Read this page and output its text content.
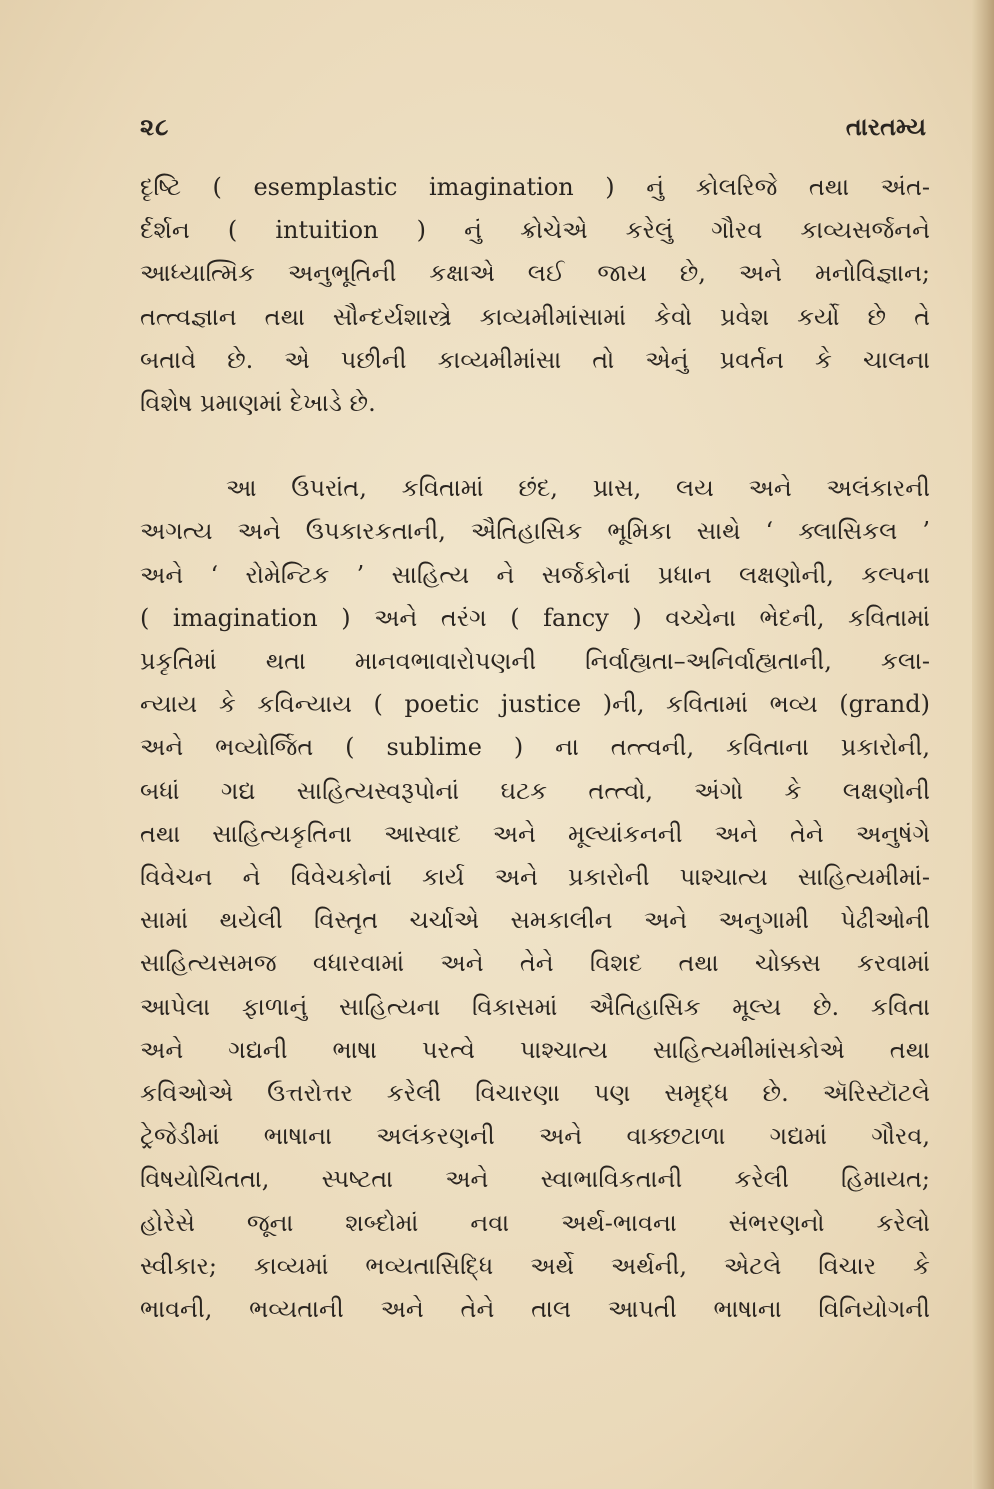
૨૮	તારતમ્ય
દૃષ્ટિ ( esemplastic imagination ) નું કોલરિજે તથા અંત-
ર્દર્શન ( intuition ) નું ક્રોચેએ કરેલું ગૌરવ કાવ્યસર્જનને
આધ્યાત્મિક અનુભૂતિની કક્ષાએ લઈ જાય છે, અને મનોવિજ્ઞાન;
તત્ત્વજ્ઞાન તથા સૌન્દર્યશાસ્ત્રે કાવ્યમીમાંસામાં કેવો પ્રવેશ કર્યો છે તે
બતાવે છે. એ પછીની કાવ્યમીમાંસા તો એનું પ્રવર્તન કે ચાલના
વિશેષ પ્રમાણમાં દેખાડે છે.
આ ઉપરાંત, કવિતામાં છંદ, પ્રાસ, લય અને અલંકારની
અગત્ય અને ઉપકારકતાની, ઐતિહાસિક ભૂમિકા સાથે ‘ ક્લાસિકલ ’
અને ‘ રોમેન્ટિક ’ સાહિત્ય ને સર્જકોનાં પ્રધાન લક્ષણોની, કલ્પના
( imagination ) અને તરંગ ( fancy ) વચ્ચેના ભેદની, કવિતામાં
પ્રકૃતિમાં થતા માનવભાવારોપણની નિર્વાહ્યતા–અનિર્વાહ્યતાની, કલા-
ન્યાય કે કવિન્યાય ( poetic justice )ની, કવિતામાં ભવ્ય (grand)
અને ભવ્યોર્જિત ( sublime ) ના તત્ત્વની, કવિતાના પ્રકારોની,
બધાં ગદ્ય સાહિત્યસ્વરૂપોનાં ઘટક તત્ત્વો, અંગો કે લક્ષણોની
તથા સાહિત્યકૃતિના આસ્વાદ અને મૂલ્યાંકનની અને તેને અનુષંગે
વિવેચન ને વિવેચકોનાં કાર્ય અને પ્રકારોની પાશ્ચાત્ય સાહિત્યમીમાં-
સામાં થયેલી વિસ્તૃત ચર્ચાએ સમકાલીન અને અનુગામી પેઢીઓની
સાહિત્યસમજ વધારવામાં અને તેને વિશદ તથા ચોક્કસ કરવામાં
આપેલા ફાળાનું સાહિત્યના વિકાસમાં ઐતિહાસિક મૂલ્ય છે. કવિતા
અને ગદ્યની ભાષા પરત્વે પાશ્ચાત્ય સાહિત્યમીમાંસકોએ તથા
કવિઓએ ઉત્તરોત્તર કરેલી વિચારણા પણ સમૃદ્ધ છે. ઍરિસ્ટૉટલે
ટ્રેજેડીમાં ભાષાના અલંકરણની અને વાક્છટાળા ગદ્યમાં ગૌરવ,
વિષયોચિતતા, સ્પષ્ટતા અને સ્વાભાવિકતાની કરેલી હિમાયત;
હોરેસે જૂના શબ્દોમાં નવા અર્થ-ભાવના સંભરણનો કરેલો
સ્વીકાર; કાવ્યમાં ભવ્યતાસિદ્ધિ અર્થે અર્થની, એટલે વિચાર કે
ભાવની, ભવ્યતાની અને તેને તાલ આપતી ભાષાના વિનિયોગની
